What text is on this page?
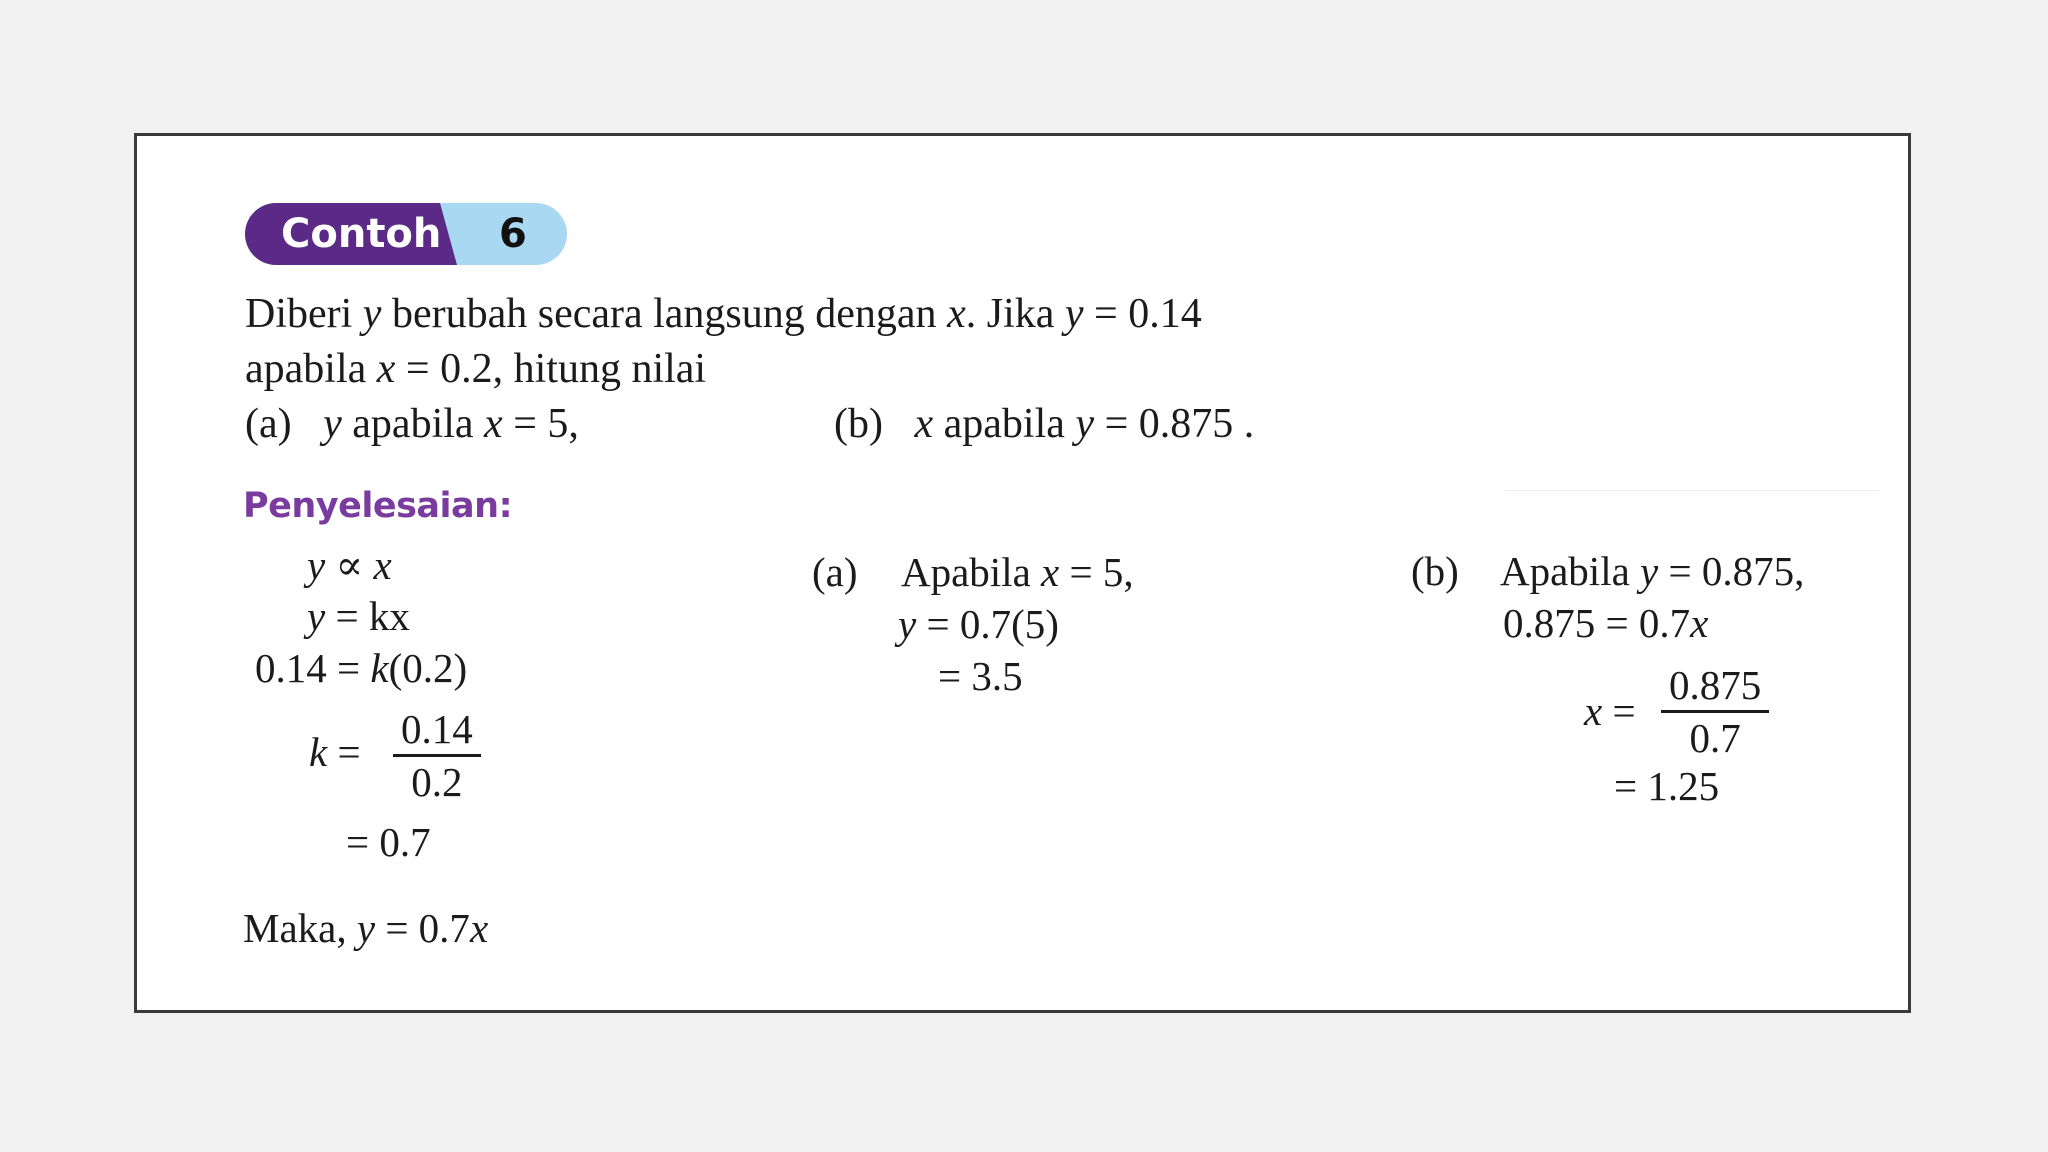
Contoh 6
Diberi y berubah secara langsung dengan x. Jika y = 0.14
apabila x = 0.2, hitung nilai
(a)   y apabila x = 5,	(b)   x apabila y = 0.875 .
Penyelesaian:
y ∝ x
y = kx
0.14 = k(0.2)
$k = \frac{0.14}{0.2}$
= 0.7
Maka, y = 0.7x
(a) Apabila x = 5,
y = 0.7(5)
= 3.5
(b) Apabila y = 0.875,
0.875 = 0.7x
$x = \frac{0.875}{0.7}$
= 1.25
